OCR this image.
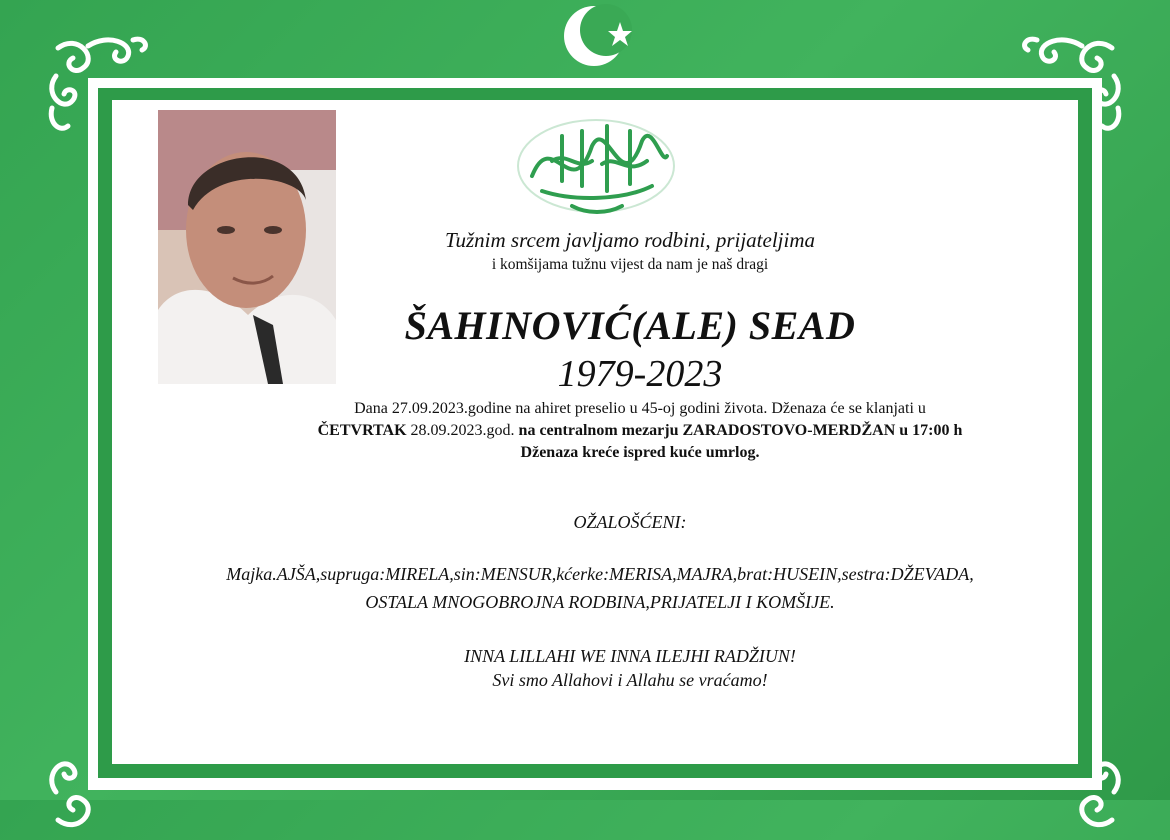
Tužnim srcem javljamo rodbini, prijateljima
i komšijama tužnu vijest da nam je naš dragi
ŠAHINOVIĆ(ALE) SEAD
1979-2023
Dana 27.09.2023.godine na ahiret preselio u 45-oj godini života. Dženaza će se klanjati u
ČETVRTAK 28.09.2023.god. na centralnom mezarju ZARADOSTOVO-MERDŽAN u 17:00 h
Dženaza kreće ispred kuće umrlog.
OŽALOŠĆENI:
Majka.AJŠA,supruga:MIRELA,sin:MENSUR,kćerke:MERISA,MAJRA,brat:HUSEIN,sestra:DŽEVADA,
OSTALA MNOGOBROJNA RODBINA,PRIJATELJI I KOMŠIJE.
INNA LILLAHI WE INNA ILEJHI RADŽIUN!
Svi smo Allahovi i Allahu se vraćamo!
